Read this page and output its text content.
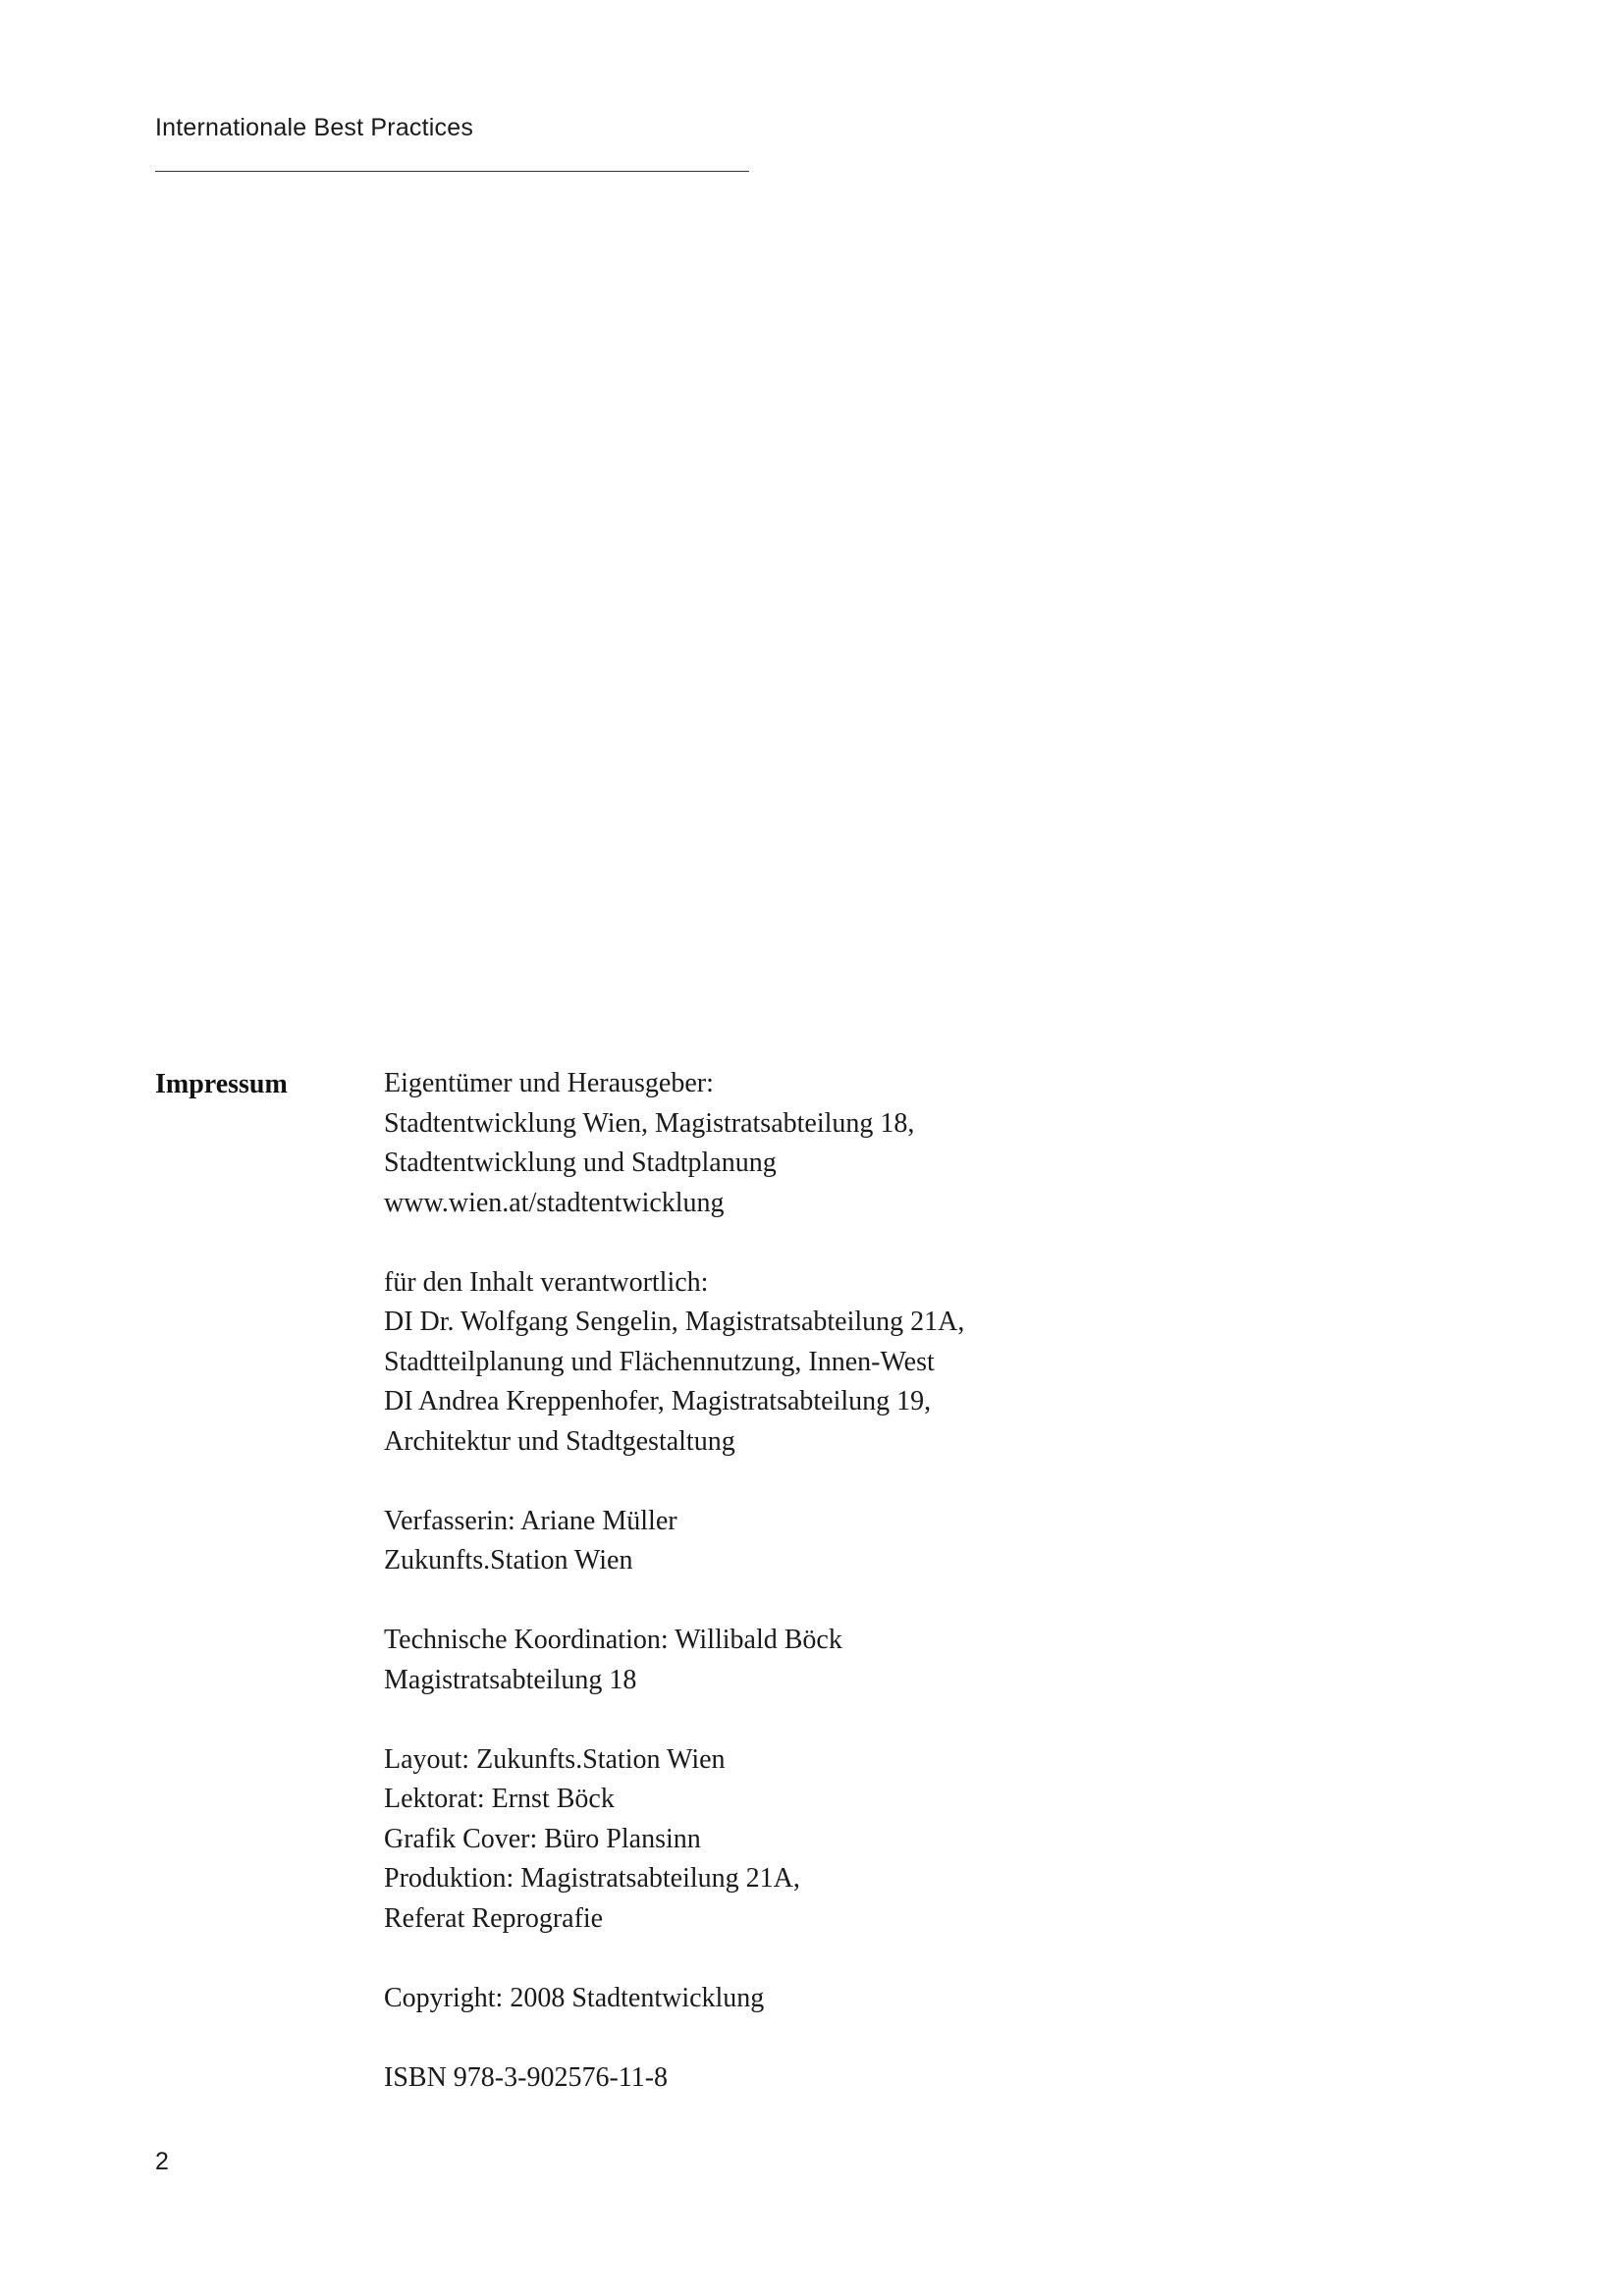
Internationale Best Practices
Impressum	Eigentümer und Herausgeber:
Stadtentwicklung Wien, Magistratsabteilung 18,
Stadtentwicklung und Stadtplanung
www.wien.at/stadtentwicklung
für den Inhalt verantwortlich:
DI Dr. Wolfgang Sengelin, Magistratsabteilung 21A,
Stadtteilplanung und Flächennutzung, Innen-West
DI Andrea Kreppenhofer, Magistratsabteilung 19,
Architektur und Stadtgestaltung
Verfasserin: Ariane Müller
Zukunfts.Station Wien
Technische Koordination: Willibald Böck
Magistratsabteilung 18
Layout: Zukunfts.Station Wien
Lektorat: Ernst Böck
Grafik Cover: Büro Plansinn
Produktion: Magistratsabteilung 21A,
Referat Reprografie
Copyright: 2008 Stadtentwicklung
ISBN 978-3-902576-11-8
2
